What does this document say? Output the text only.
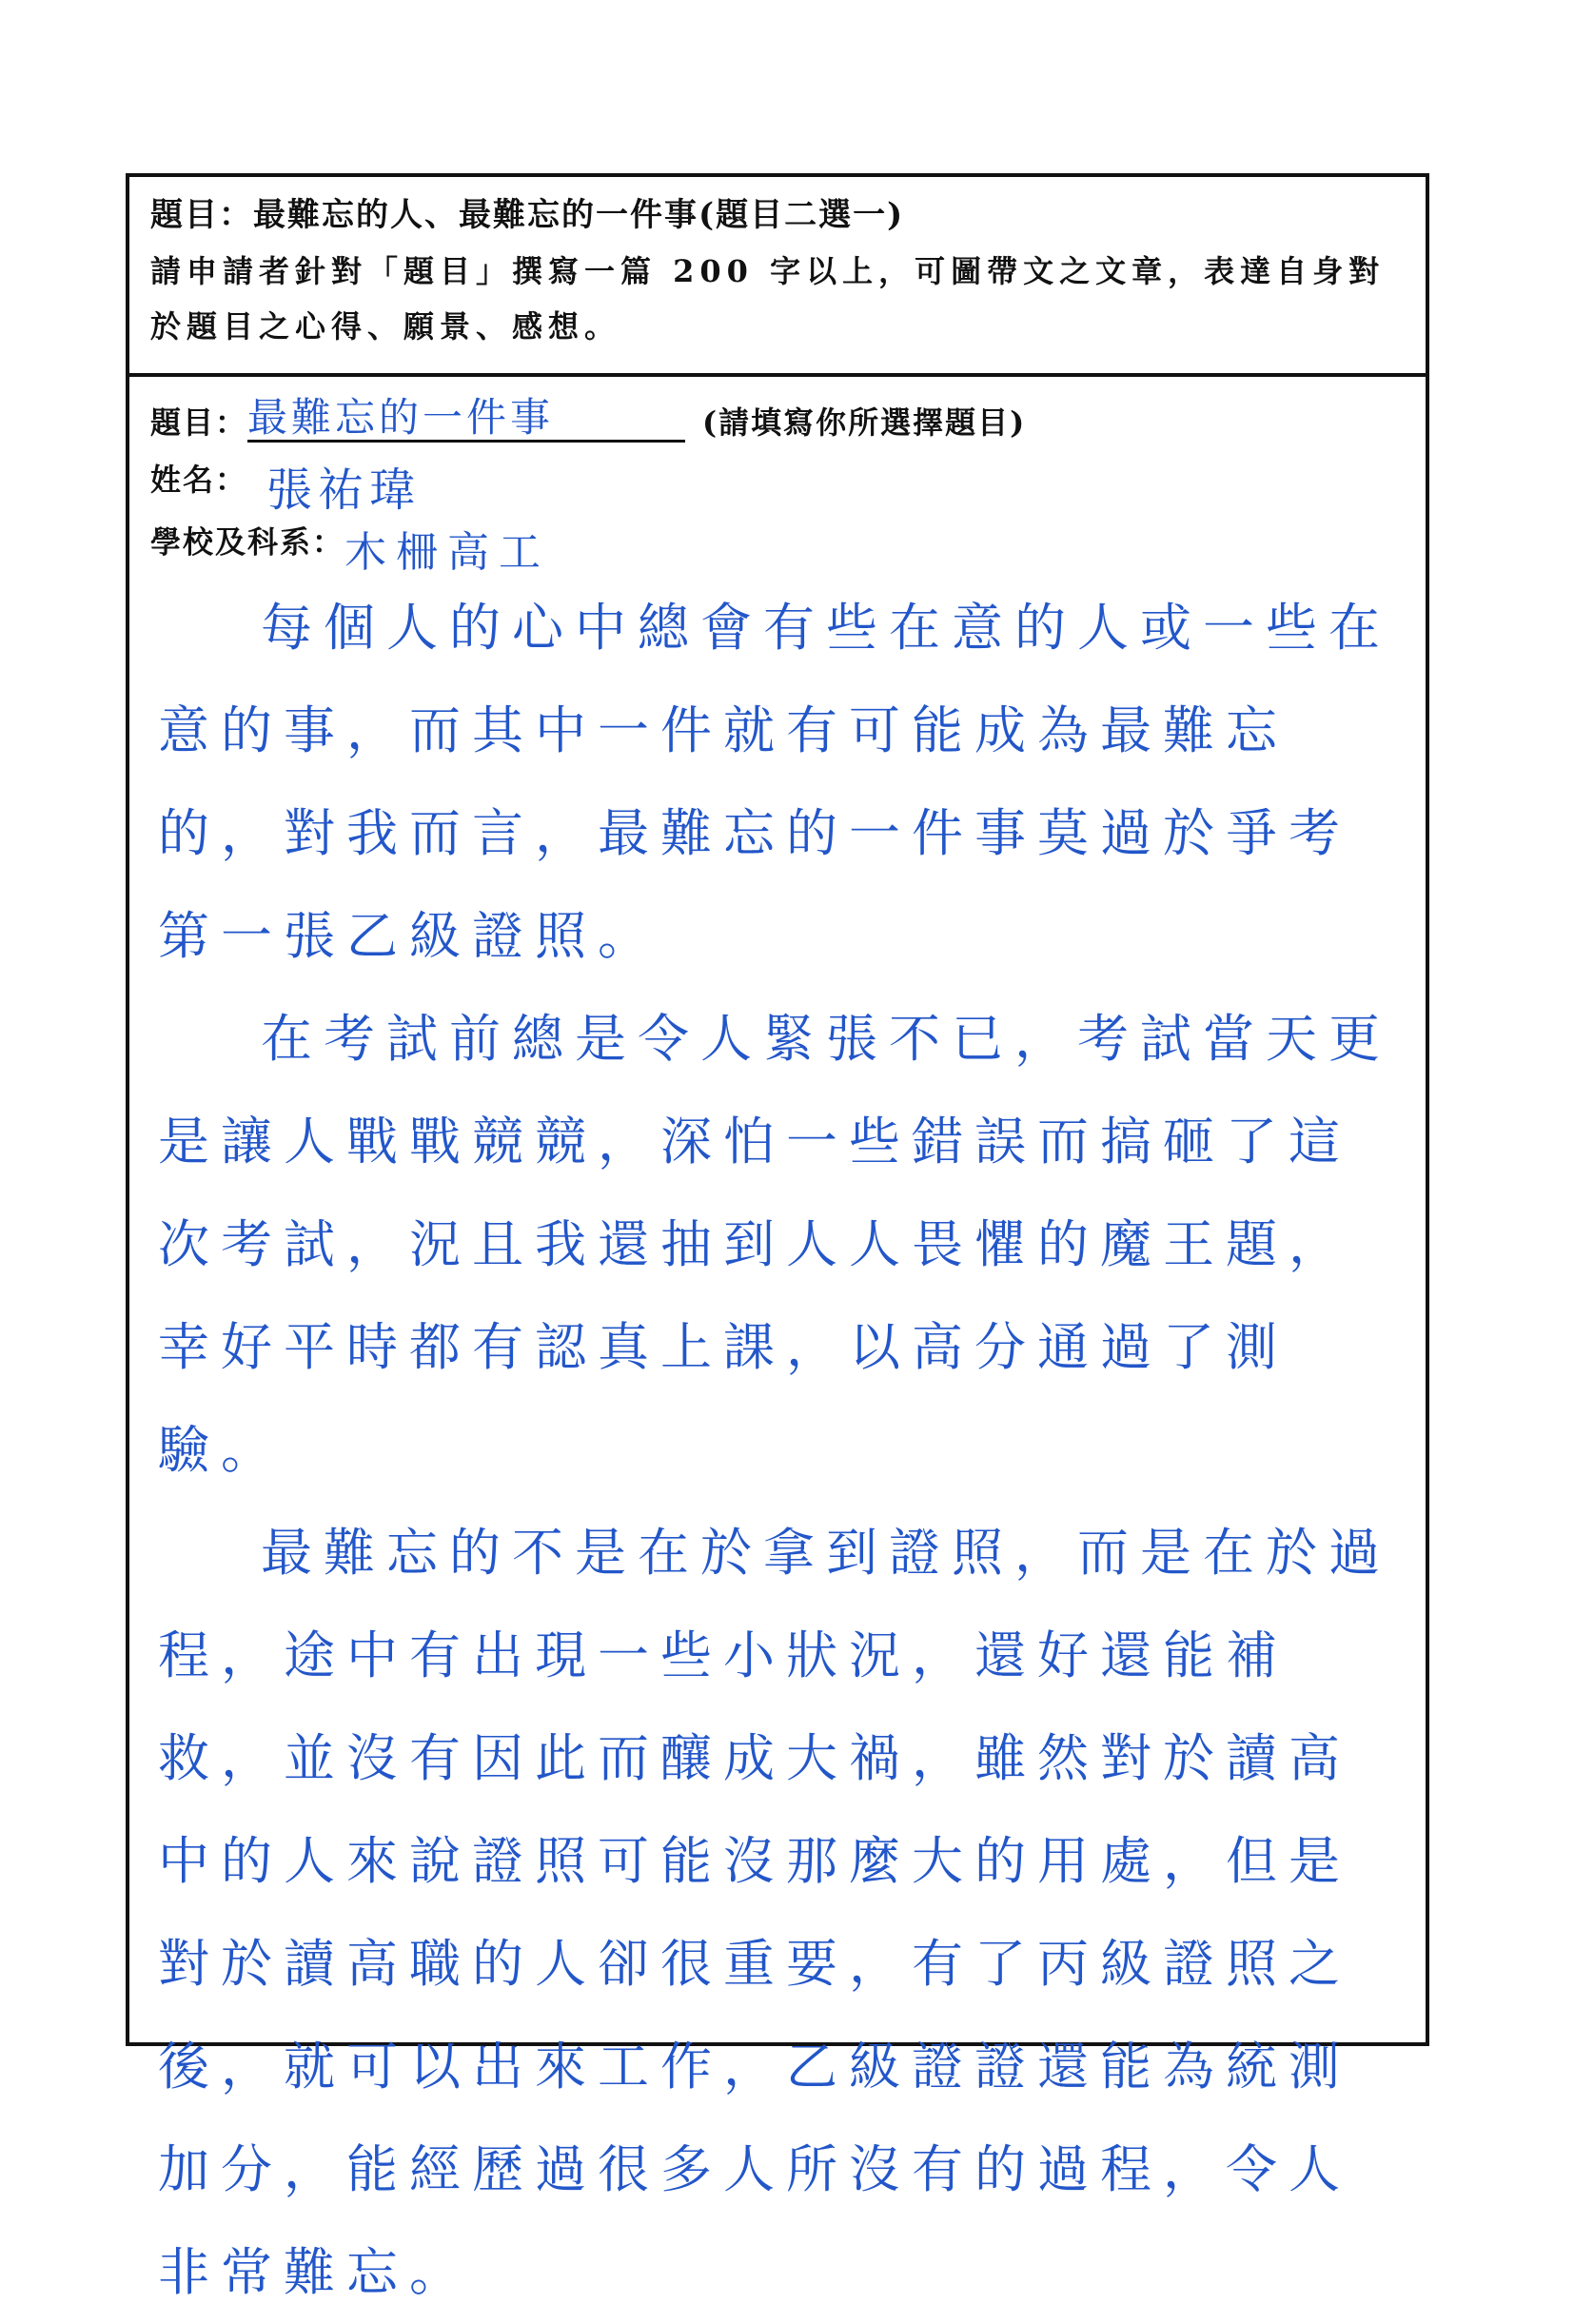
題目：最難忘的人、最難忘的一件事(題目二選一)
請申請者針對「題目」撰寫一篇 200 字以上，可圖帶文之文章，表達自身對於題目之心得、願景、感想。
題目：最難忘的一件事	(請填寫你所選擇題目)
姓名： 張祐瑋
學校及科系：木柵高工

每個人的心中總會有些在意的人或一些在意的事，而其中一件就有可能成為最難忘的，對我而言，最難忘的一件事莫過於爭考第一張乙級證照。

在考試前總是令人緊張不已，考試當天更是讓人戰戰競競，深怕一些錯誤而搞砸了這次考試，況且我還抽到人人畏懼的魔王題，幸好平時都有認真上課，以高分通過了測驗。

最難忘的不是在於拿到證照，而是在於過程，途中有出現一些小狀況，還好還能補救，並沒有因此而釀成大禍，雖然對於讀高中的人來說證照可能沒那麼大的用處，但是對於讀高職的人卻很重要，有了丙級證照之後，就可以出來工作，乙級證證還能為統測加分，能經歷過很多人所沒有的過程，令人非常難忘。
